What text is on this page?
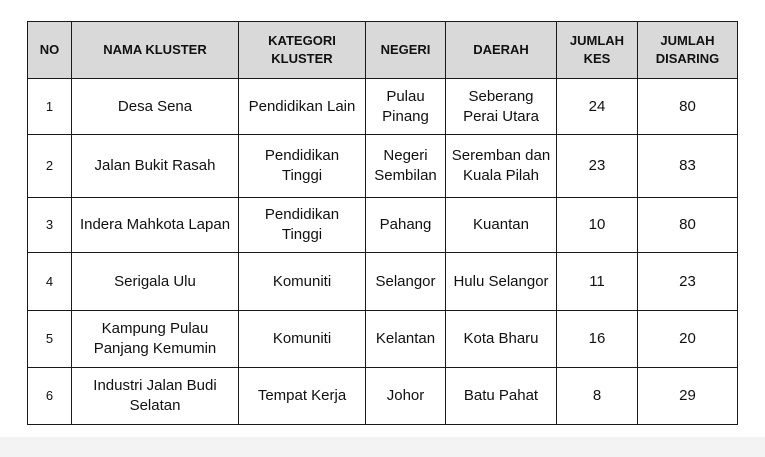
NO	NAMA KLUSTER	KATEGORI KLUSTER	NEGERI	DAERAH	JUMLAH KES	JUMLAH DISARING
1	Desa Sena	Pendidikan Lain	Pulau Pinang	Seberang Perai Utara	24	80
2	Jalan Bukit Rasah	Pendidikan Tinggi	Negeri Sembilan	Seremban dan Kuala Pilah	23	83
3	Indera Mahkota Lapan	Pendidikan Tinggi	Pahang	Kuantan	10	80
4	Serigala Ulu	Komuniti	Selangor	Hulu Selangor	11	23
5	Kampung Pulau Panjang Kemumin	Komuniti	Kelantan	Kota Bharu	16	20
6	Industri Jalan Budi Selatan	Tempat Kerja	Johor	Batu Pahat	8	29
